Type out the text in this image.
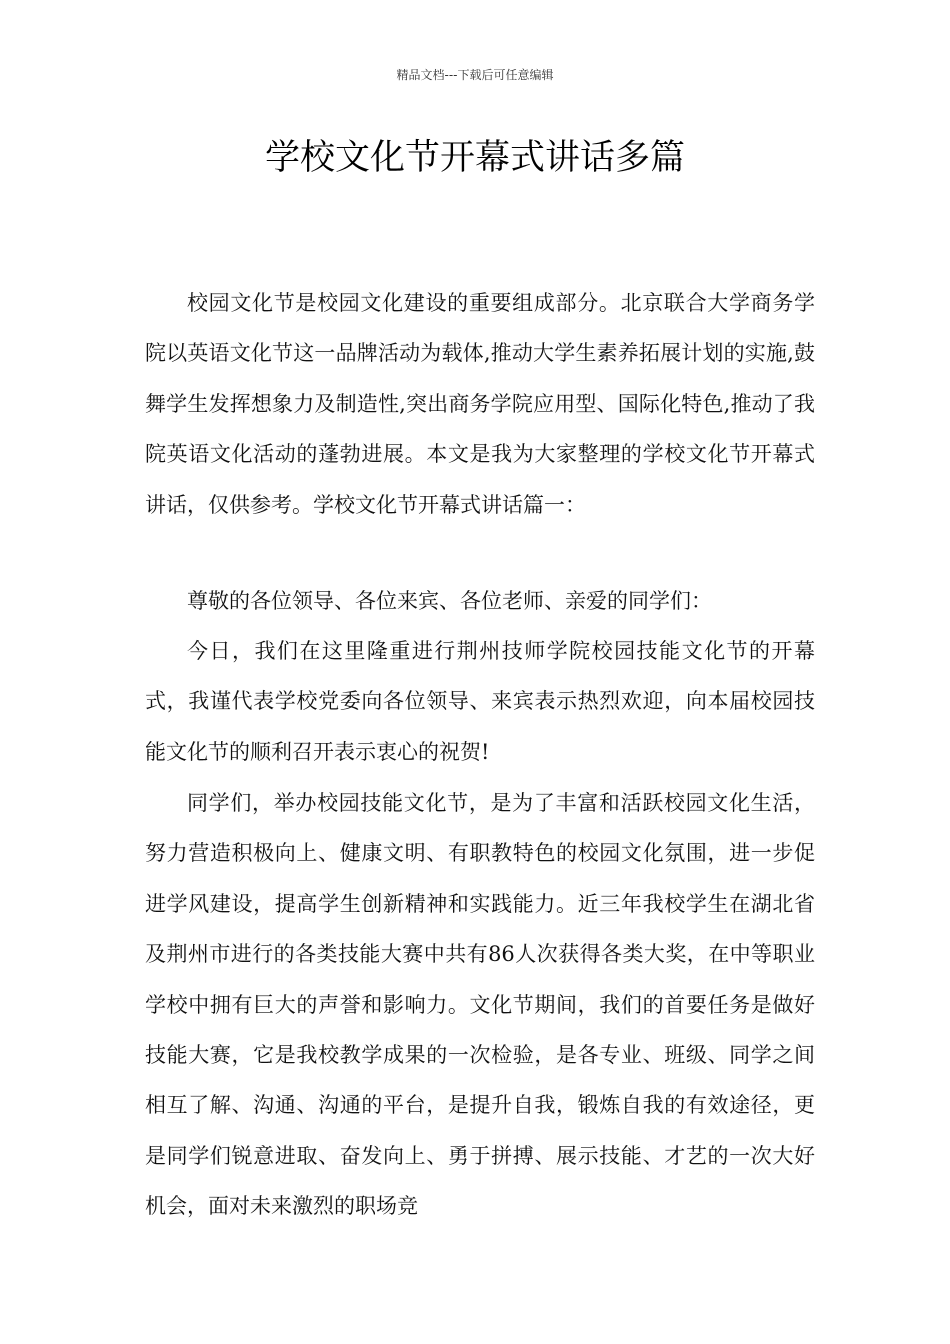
精品文档---下载后可任意编辑
学校文化节开幕式讲话多篇

校园文化节是校园文化建设的重要组成部分。北京联合大学商务学院以英语文化节这一品牌活动为载体,推动大学生素养拓展计划的实施,鼓舞学生发挥想象力及制造性,突出商务学院应用型、国际化特色,推动了我院英语文化活动的蓬勃进展。本文是我为大家整理的学校文化节开幕式讲话，仅供参考。学校文化节开幕式讲话篇一：

尊敬的各位领导、各位来宾、各位老师、亲爱的同学们：

今日，我们在这里隆重进行荆州技师学院校园技能文化节的开幕式，我谨代表学校党委向各位领导、来宾表示热烈欢迎，向本届校园技能文化节的顺利召开表示衷心的祝贺!

同学们，举办校园技能文化节，是为了丰富和活跃校园文化生活，努力营造积极向上、健康文明、有职教特色的校园文化氛围，进一步促进学风建设，提高学生创新精神和实践能力。近三年我校学生在湖北省及荆州市进行的各类技能大赛中共有86人次获得各类大奖，在中等职业学校中拥有巨大的声誉和影响力。文化节期间，我们的首要任务是做好技能大赛，它是我校教学成果的一次检验，是各专业、班级、同学之间相互了解、沟通、沟通的平台，是提升自我，锻炼自我的有效途径，更是同学们锐意进取、奋发向上、勇于拼搏、展示技能、才艺的一次大好机会，面对未来激烈的职场竞
